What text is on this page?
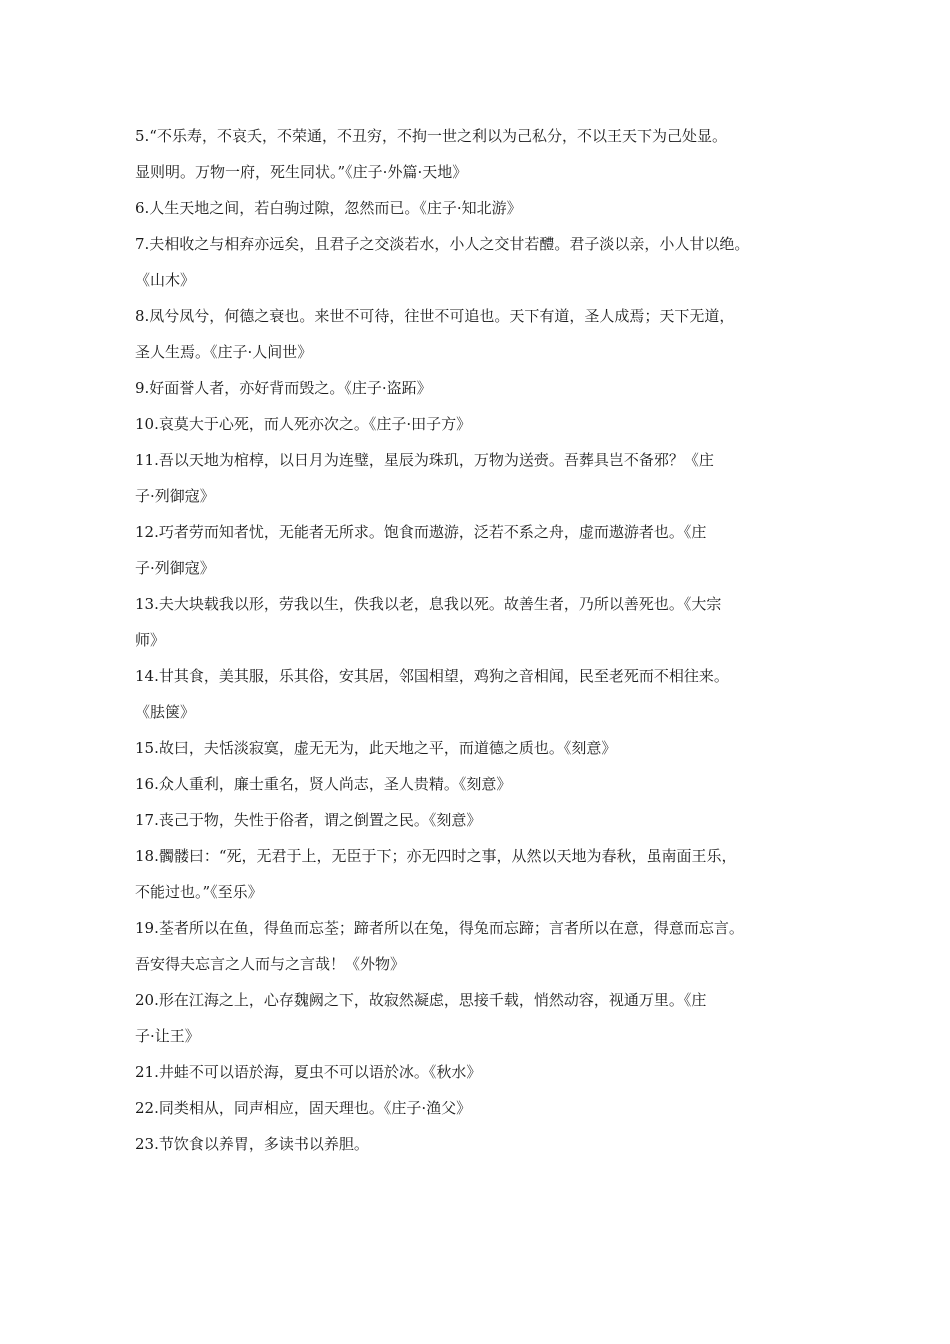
5.“不乐寿，不哀夭，不荣通，不丑穷，不拘一世之利以为己私分，不以王天下为己处显。
显则明。万物一府，死生同状。”《庄子·外篇·天地》
6.人生天地之间，若白驹过隙，忽然而已。《庄子·知北游》
7.夫相收之与相弃亦远矣，且君子之交淡若水，小人之交甘若醴。君子淡以亲，小人甘以绝。
《山木》
8.凤兮凤兮，何德之衰也。来世不可待，往世不可追也。天下有道，圣人成焉；天下无道，
圣人生焉。《庄子·人间世》
9.好面誉人者，亦好背而毁之。《庄子·盗跖》
10.哀莫大于心死，而人死亦次之。《庄子·田子方》
11.吾以天地为棺椁，以日月为连璧，星辰为珠玑，万物为送赍。吾葬具岂不备邪？《庄
子·列御寇》
12.巧者劳而知者忧，无能者无所求。饱食而遨游，泛若不系之舟，虚而遨游者也。《庄
子·列御寇》
13.夫大块载我以形，劳我以生，佚我以老，息我以死。故善生者，乃所以善死也。《大宗
师》
14.甘其食，美其服，乐其俗，安其居，邻国相望，鸡狗之音相闻，民至老死而不相往来。
《胠箧》
15.故曰，夫恬淡寂寞，虚无无为，此天地之平，而道德之质也。《刻意》
16.众人重利，廉士重名，贤人尚志，圣人贵精。《刻意》
17.丧己于物，失性于俗者，谓之倒置之民。《刻意》
18.髑髅曰：“死，无君于上，无臣于下；亦无四时之事，从然以天地为春秋，虽南面王乐，
不能过也。”《至乐》
19.荃者所以在鱼，得鱼而忘荃；蹄者所以在兔，得兔而忘蹄；言者所以在意，得意而忘言。
吾安得夫忘言之人而与之言哉！《外物》
20.形在江海之上，心存魏阙之下，故寂然凝虑，思接千载，悄然动容，视通万里。《庄
子·让王》
21.井蛙不可以语於海，夏虫不可以语於冰。《秋水》
22.同类相从，同声相应，固天理也。《庄子·渔父》
23.节饮食以养胃，多读书以养胆。
